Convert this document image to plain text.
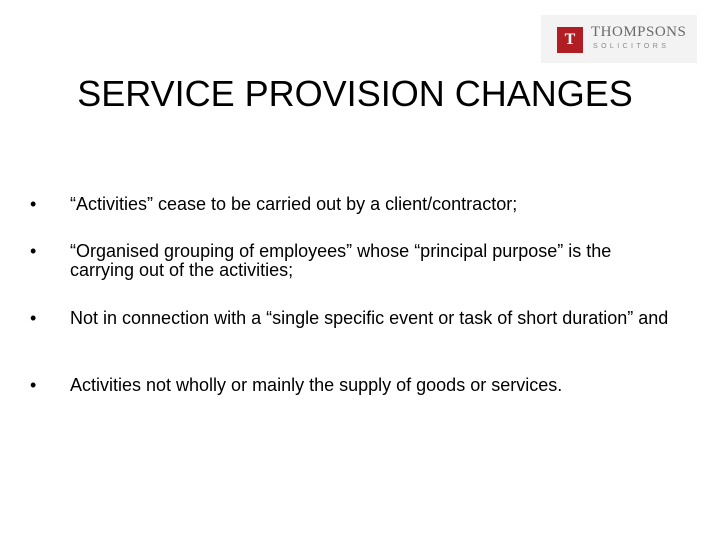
T	THOMPSONS
SOLICITORS
SERVICE PROVISION CHANGES
• “Activities” cease to be carried out by a client/contractor;
• “Organised grouping of employees” whose “principal purpose” is the carrying out of the activities;
• Not in connection with a “single specific event or task of short duration” and
• Activities not wholly or mainly the supply of goods or services.
